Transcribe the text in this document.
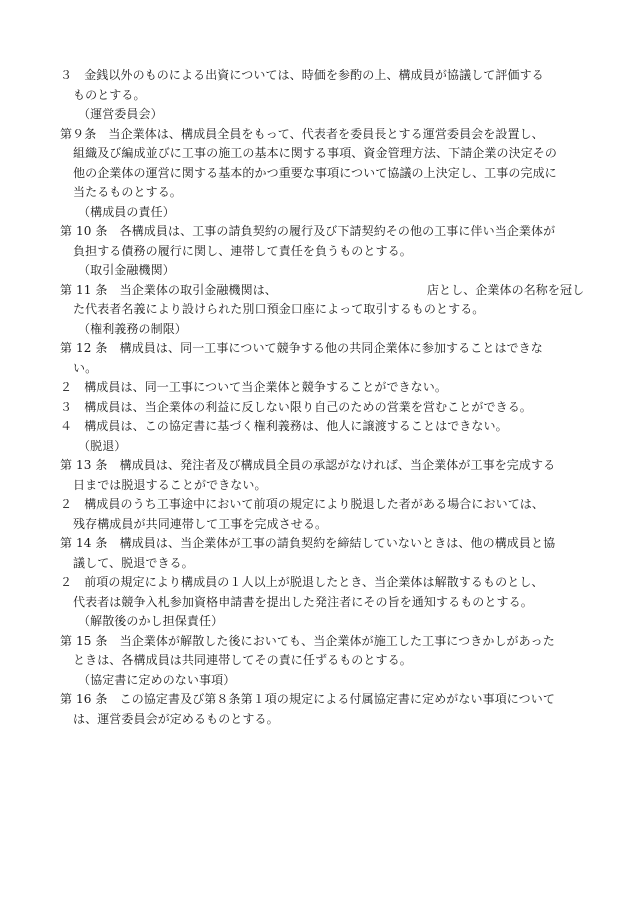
３　金銭以外のものによる出資については、時価を参酌の上、構成員が協議して評価する
ものとする。
（運営委員会）
第９条　当企業体は、構成員全員をもって、代表者を委員長とする運営委員会を設置し、
組織及び編成並びに工事の施工の基本に関する事項、資金管理方法、下請企業の決定その
他の企業体の運営に関する基本的かつ重要な事項について協議の上決定し、工事の完成に
当たるものとする。
（構成員の責任）
第 10 条　各構成員は、工事の請負契約の履行及び下請契約その他の工事に伴い当企業体が
負担する債務の履行に関し、連帯して責任を負うものとする。
（取引金融機関）
第 11 条　当企業体の取引金融機関は、	店とし、企業体の名称を冠し
た代表者名義により設けられた別口預金口座によって取引するものとする。
（権利義務の制限）
第 12 条　構成員は、同一工事について競争する他の共同企業体に参加することはできな
い。
２　構成員は、同一工事について当企業体と競争することができない。
３　構成員は、当企業体の利益に反しない限り自己のための営業を営むことができる。
４　構成員は、この協定書に基づく権利義務は、他人に譲渡することはできない。
（脱退）
第 13 条　構成員は、発注者及び構成員全員の承認がなければ、当企業体が工事を完成する
日までは脱退することができない。
２　構成員のうち工事途中において前項の規定により脱退した者がある場合においては、
残存構成員が共同連帯して工事を完成させる。
第 14 条　構成員は、当企業体が工事の請負契約を締結していないときは、他の構成員と協
議して、脱退できる。
２　前項の規定により構成員の１人以上が脱退したとき、当企業体は解散するものとし、
代表者は競争入札参加資格申請書を提出した発注者にその旨を通知するものとする。
（解散後のかし担保責任）
第 15 条　当企業体が解散した後においても、当企業体が施工した工事につきかしがあった
ときは、各構成員は共同連帯してその責に任ずるものとする。
（協定書に定めのない事項）
第 16 条　この協定書及び第８条第１項の規定による付属協定書に定めがない事項について
は、運営委員会が定めるものとする。
